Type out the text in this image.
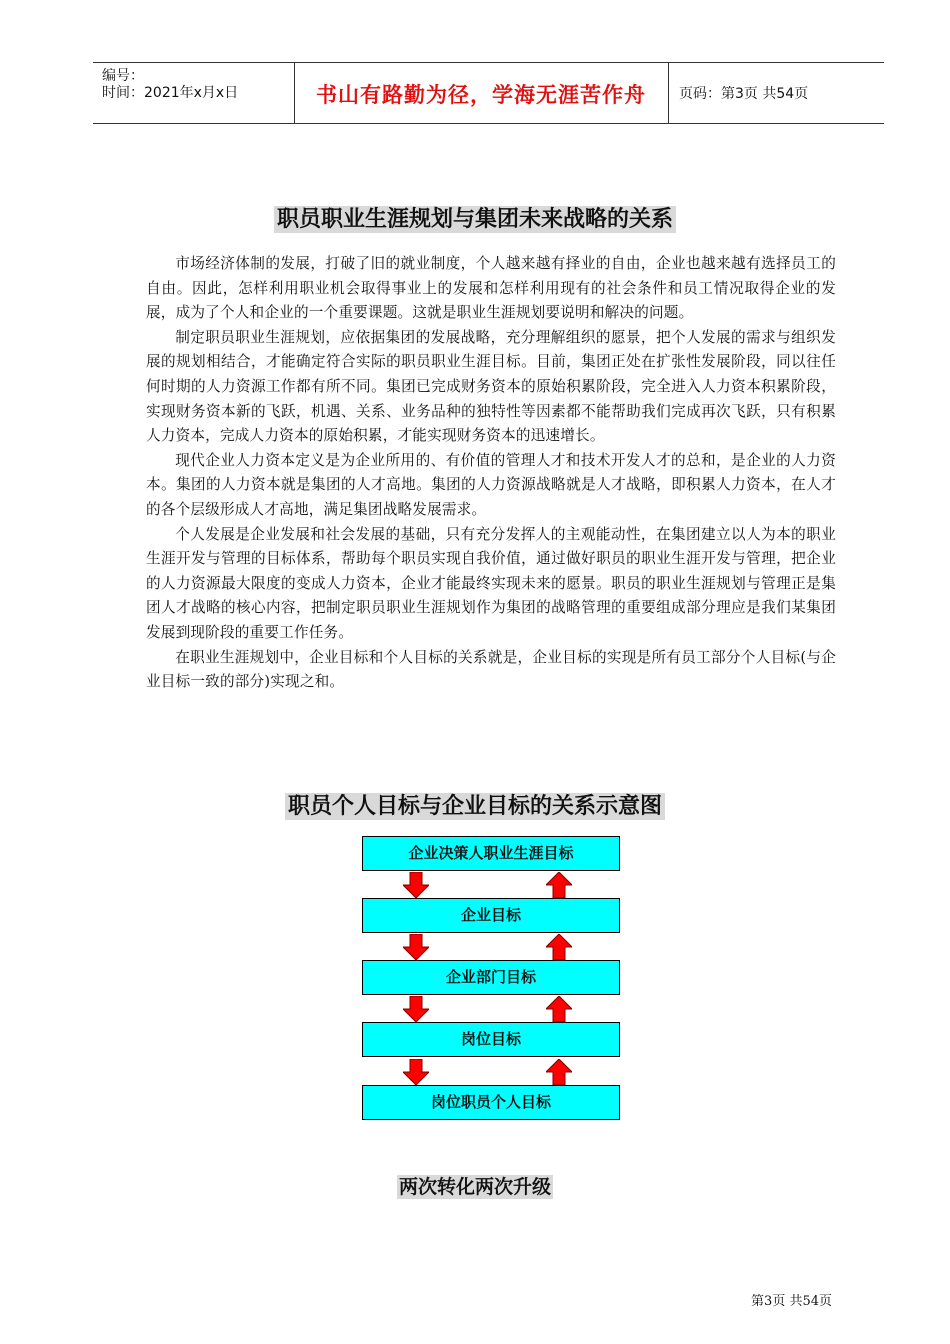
编号：
时间：2021年x月x日	书山有路勤为径，学海无涯苦作舟	页码：第3页 共54页
职员职业生涯规划与集团未来战略的关系

市场经济体制的发展，打破了旧的就业制度，个人越来越有择业的自由，企业也越来越有选择员工的自由。因此，怎样利用职业机会取得事业上的发展和怎样利用现有的社会条件和员工情况取得企业的发展，成为了个人和企业的一个重要课题。这就是职业生涯规划要说明和解决的问题。

制定职员职业生涯规划，应依据集团的发展战略，充分理解组织的愿景，把个人发展的需求与组织发展的规划相结合，才能确定符合实际的职员职业生涯目标。目前，集团正处在扩张性发展阶段，同以往任何时期的人力资源工作都有所不同。集团已完成财务资本的原始积累阶段，完全进入人力资本积累阶段，实现财务资本新的飞跃，机遇、关系、业务品种的独特性等因素都不能帮助我们完成再次飞跃，只有积累人力资本，完成人力资本的原始积累，才能实现财务资本的迅速增长。

现代企业人力资本定义是为企业所用的、有价值的管理人才和技术开发人才的总和，是企业的人力资本。集团的人力资本就是集团的人才高地。集团的人力资源战略就是人才战略，即积累人力资本，在人才的各个层级形成人才高地，满足集团战略发展需求。

个人发展是企业发展和社会发展的基础，只有充分发挥人的主观能动性，在集团建立以人为本的职业生涯开发与管理的目标体系，帮助每个职员实现自我价值，通过做好职员的职业生涯开发与管理，把企业的人力资源最大限度的变成人力资本，企业才能最终实现未来的愿景。职员的职业生涯规划与管理正是集团人才战略的核心内容，把制定职员职业生涯规划作为集团的战略管理的重要组成部分理应是我们某集团发展到现阶段的重要工作任务。

在职业生涯规划中，企业目标和个人目标的关系就是，企业目标的实现是所有员工部分个人目标(与企业目标一致的部分)实现之和。

职员个人目标与企业目标的关系示意图
企业决策人职业生涯目标
企业目标
企业部门目标
岗位目标
岗位职员个人目标
两次转化两次升级
第3页 共54页
